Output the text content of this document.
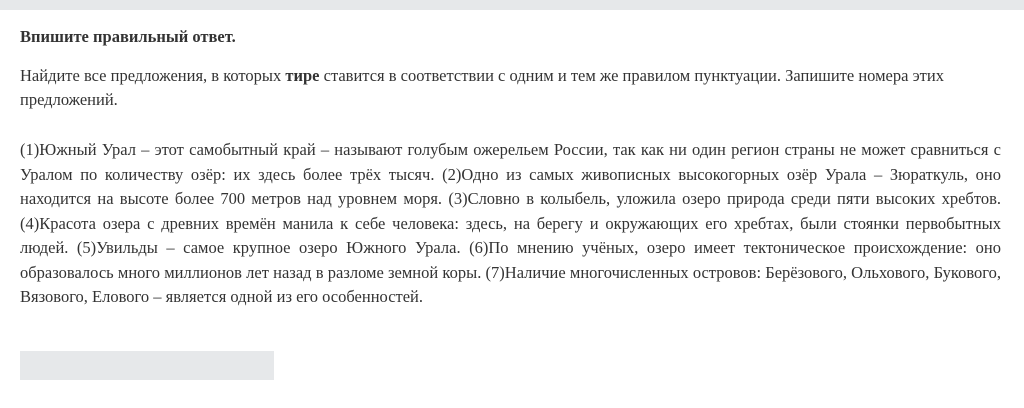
Впишите правильный ответ.

Найдите все предложения, в которых тире ставится в соответствии с одним и тем же правилом пунктуации. Запишите номера этих предложений.

(1)Южный Урал – этот самобытный край – называют голубым ожерельем России, так как ни один регион страны не может сравниться с Уралом по количеству озёр: их здесь более трёх тысяч. (2)Одно из самых живописных высокогорных озёр Урала – Зюраткуль, оно находится на высоте более 700 метров над уровнем моря. (3)Словно в колыбель, уложила озеро природа среди пяти высоких хребтов. (4)Красота озера с древних времён манила к себе человека: здесь, на берегу и окружающих его хребтах, были стоянки первобытных людей. (5)Увильды – самое крупное озеро Южного Урала. (6)По мнению учёных, озеро имеет тектоническое происхождение: оно образовалось много миллионов лет назад в разломе земной коры. (7)Наличие многочисленных островов: Берёзового, Ольхового, Букового, Вязового, Елового – является одной из его особенностей.
